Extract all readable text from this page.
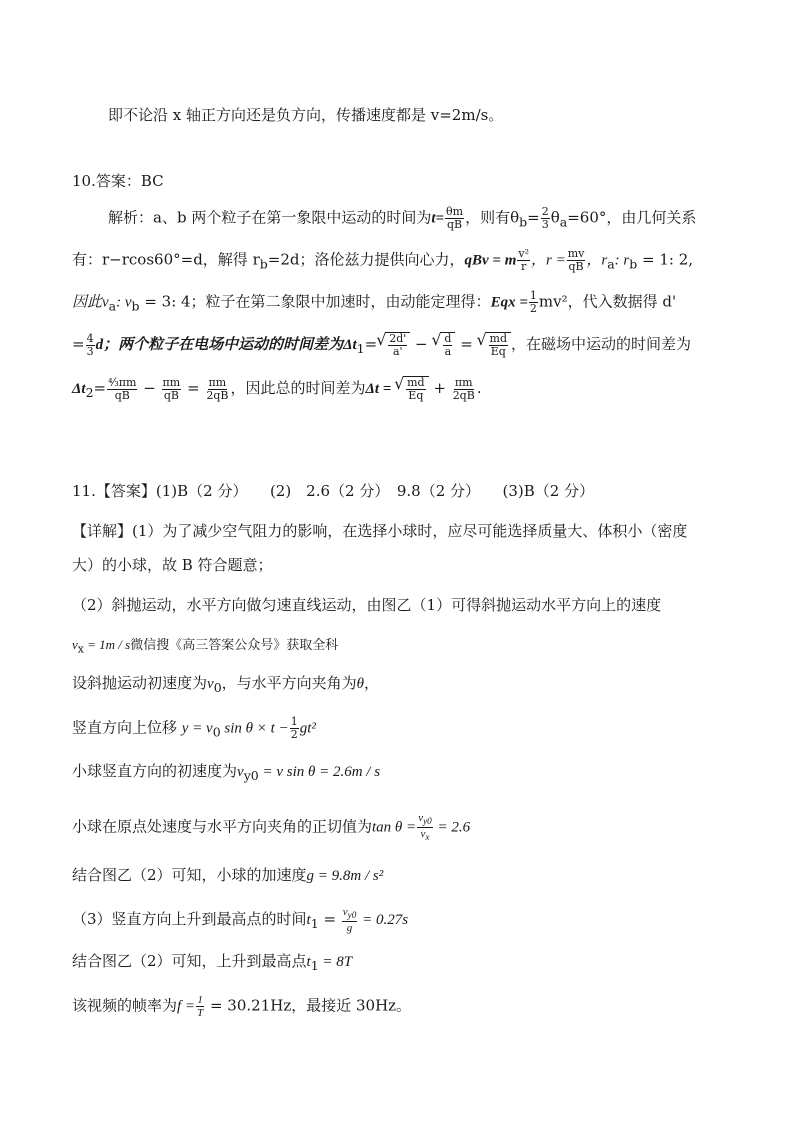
即不论沿 x 轴正方向还是负方向，传播速度都是 v=2m/s。
10.答案：BC
解析：a、b 两个粒子在第一象限中运动的时间为$t= \frac{\theta m}{qB}$ ，则有$\theta_b= \frac{2}{3} \theta_a=60^\circ$，由几何关系
有：r−rcos60°=d，解得 $r_b=2d$；洛伦兹力提供向心力，qBv = m $\frac{\text{v²}}{r}$ ，$r = \frac{mv}{qB}$ ，$r_a$: $r_b = 1$: 2,
因此$v_a$: $v_b = 3$: 4；粒子在第二象限中加速时，由动能定理得：Eqx = $\frac{1}{2} mv^2$，代入数据得 d'
= $\frac{4}{3}$ d；两个粒子在电场中运动的时间差为$\Delta t_1=$ √ $\frac{2d'}{a'}$ − √ $\frac{d}{a}$ = √ $\frac{md}{Eq}$ ，在磁场中运动的时间差为
$\Delta t_2= \frac{\text{⁴⁄₃πm}}{qB} - \frac{\pi m}{qB} = \frac{\pi m}{2qB}$ ，因此总的时间差为Δt = √ $\frac{md}{Eq} + \frac{\pi m}{2qB}$ .
11.【答案】(1)B（2 分）　　(2)　2.6（2 分）　9.8（2 分）　　(3)B（2 分）
【详解】(1）为了减少空气阻力的影响，在选择小球时，应尽可能选择质量大、体积小（密度
大）的小球，故 B 符合题意；
（2）斜抛运动，水平方向做匀速直线运动，由图乙（1）可得斜抛运动水平方向上的速度
$v_x = 1m / s$微信搜《高三答案公众号》获取全科
设斜抛运动初速度为$v_0$，与水平方向夹角为θ，
竖直方向上位移 $y = v_0$ $\sin \theta \times t - \frac{1}{2} gt^2$
小球竖直方向的初速度为$v_{y0} = v$ sin θ = 2.6m / s
小球在原点处速度与水平方向夹角的正切值为$\tan \theta = \frac{v_{y0}}{v_x} = 2.6$
结合图乙（2）可知，小球的加速度g = 9.8m / s²
（3）竖直方向上升到最高点的时间$t_1 = \frac{v_{y0}}{g} = 0.27s$
结合图乙（2）可知，上升到最高点$t_1 = 8T$
该视频的帧率为$f = \frac{1}{T} = 30.21Hz$，最接近 30Hz。
